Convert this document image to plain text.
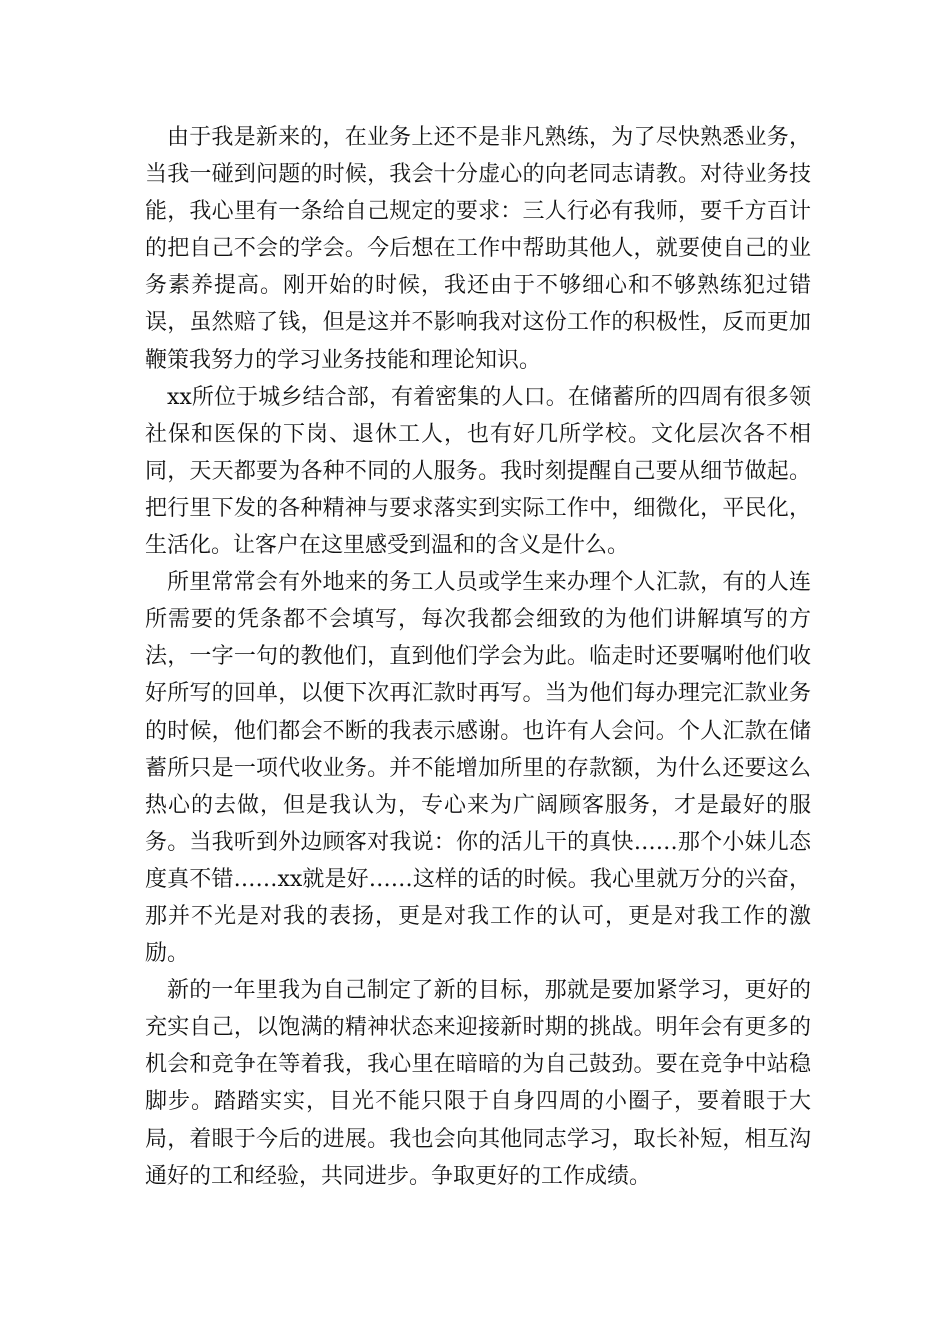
由于我是新来的，在业务上还不是非凡熟练，为了尽快熟悉业务，当我一碰到问题的时候，我会十分虚心的向老同志请教。对待业务技能，我心里有一条给自己规定的要求：三人行必有我师，要千方百计的把自己不会的学会。今后想在工作中帮助其他人，就要使自己的业务素养提高。刚开始的时候，我还由于不够细心和不够熟练犯过错误，虽然赔了钱，但是这并不影响我对这份工作的积极性，反而更加鞭策我努力的学习业务技能和理论知识。

xx所位于城乡结合部，有着密集的人口。在储蓄所的四周有很多领社保和医保的下岗、退休工人，也有好几所学校。文化层次各不相同，天天都要为各种不同的人服务。我时刻提醒自己要从细节做起。把行里下发的各种精神与要求落实到实际工作中，细微化，平民化，生活化。让客户在这里感受到温和的含义是什么。

所里常常会有外地来的务工人员或学生来办理个人汇款，有的人连所需要的凭条都不会填写，每次我都会细致的为他们讲解填写的方法，一字一句的教他们，直到他们学会为此。临走时还要嘱咐他们收好所写的回单，以便下次再汇款时再写。当为他们每办理完汇款业务的时候，他们都会不断的我表示感谢。也许有人会问。个人汇款在储蓄所只是一项代收业务。并不能增加所里的存款额，为什么还要这么热心的去做，但是我认为，专心来为广阔顾客服务，才是最好的服务。当我听到外边顾客对我说：你的活儿干的真快……那个小妹儿态度真不错……xx就是好……这样的话的时候。我心里就万分的兴奋，那并不光是对我的表扬，更是对我工作的认可，更是对我工作的激励。

新的一年里我为自己制定了新的目标，那就是要加紧学习，更好的充实自己，以饱满的精神状态来迎接新时期的挑战。明年会有更多的机会和竞争在等着我，我心里在暗暗的为自己鼓劲。要在竞争中站稳脚步。踏踏实实，目光不能只限于自身四周的小圈子，要着眼于大局，着眼于今后的进展。我也会向其他同志学习，取长补短，相互沟通好的工和经验，共同进步。争取更好的工作成绩。
